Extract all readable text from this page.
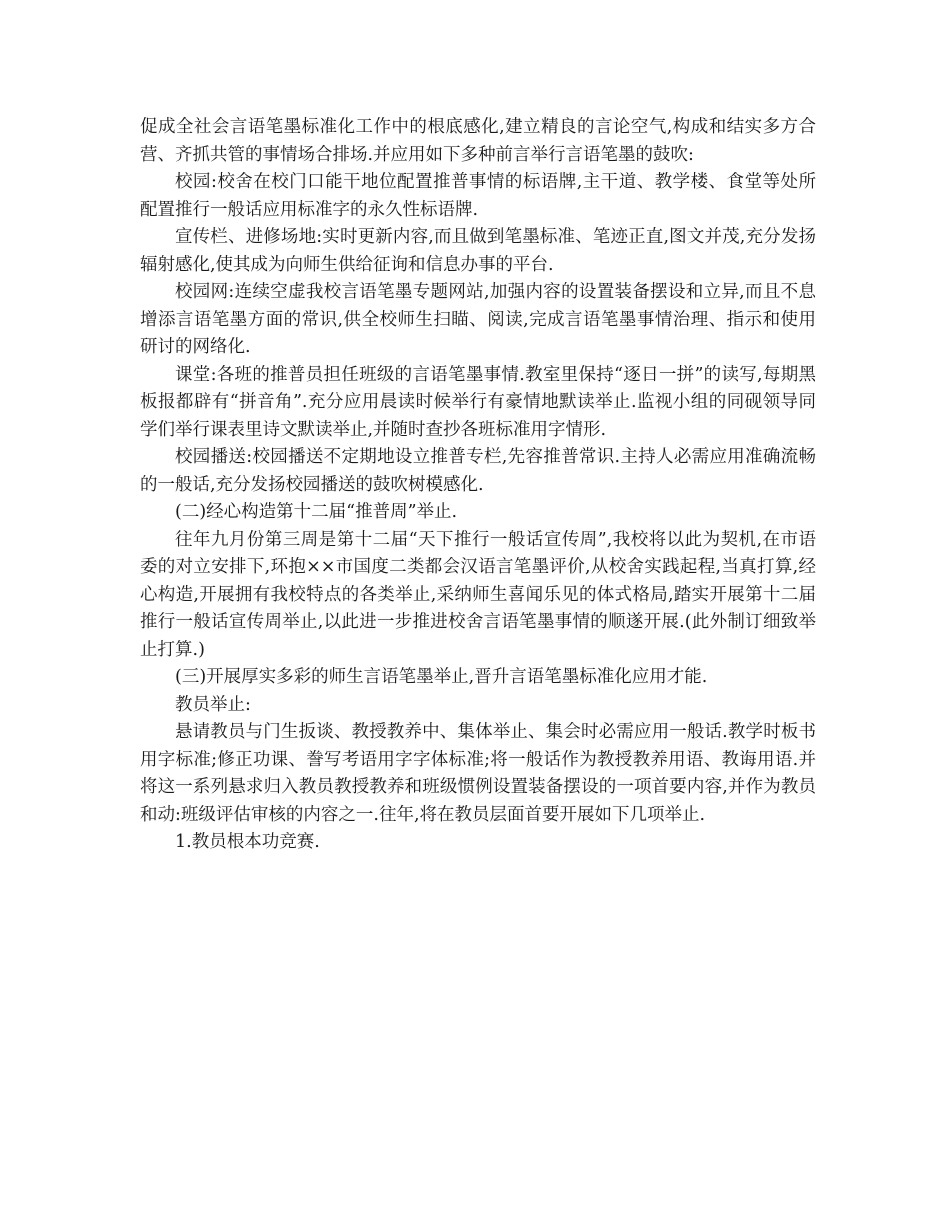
促成全社会言语笔墨标准化工作中的根底感化,建立精良的言论空气,构成和结实多方合营、齐抓共管的事情场合排场.并应用如下多种前言举行言语笔墨的鼓吹:

校园:校舍在校门口能干地位配置推普事情的标语牌,主干道、教学楼、食堂等处所配置推行一般话应用标准字的永久性标语牌.

宣传栏、进修场地:实时更新内容,而且做到笔墨标准、笔迹正直,图文并茂,充分发扬辐射感化,使其成为向师生供给征询和信息办事的平台.

校园网:连续空虚我校言语笔墨专题网站,加强内容的设置装备摆设和立异,而且不息增添言语笔墨方面的常识,供全校师生扫瞄、阅读,完成言语笔墨事情治理、指示和使用研讨的网络化.

课堂:各班的推普员担任班级的言语笔墨事情.教室里保持“逐日一拼”的读写,每期黑板报都辟有“拼音角”.充分应用晨读时候举行有豪情地默读举止.监视小组的同砚领导同学们举行课表里诗文默读举止,并随时查抄各班标准用字情形.

校园播送:校园播送不定期地设立推普专栏,先容推普常识.主持人必需应用准确流畅的一般话,充分发扬校园播送的鼓吹树模感化.

(二)经心构造第十二届“推普周”举止.

往年九月份第三周是第十二届“天下推行一般话宣传周”,我校将以此为契机,在市语委的对立安排下,环抱××市国度二类都会汉语言笔墨评价,从校舍实践起程,当真打算,经心构造,开展拥有我校特点的各类举止,采纳师生喜闻乐见的体式格局,踏实开展第十二届推行一般话宣传周举止,以此进一步推进校舍言语笔墨事情的顺遂开展.(此外制订细致举止打算.)

(三)开展厚实多彩的师生言语笔墨举止,晋升言语笔墨标准化应用才能.

教员举止:

悬请教员与门生扳谈、教授教养中、集体举止、集会时必需应用一般话.教学时板书用字标准;修正功课、誊写考语用字字体标准;将一般话作为教授教养用语、教诲用语.并将这一系列悬求归入教员教授教养和班级惯例设置装备摆设的一项首要内容,并作为教员和动:班级评估审核的内容之一.往年,将在教员层面首要开展如下几项举止.

1.教员根本功竞赛.
